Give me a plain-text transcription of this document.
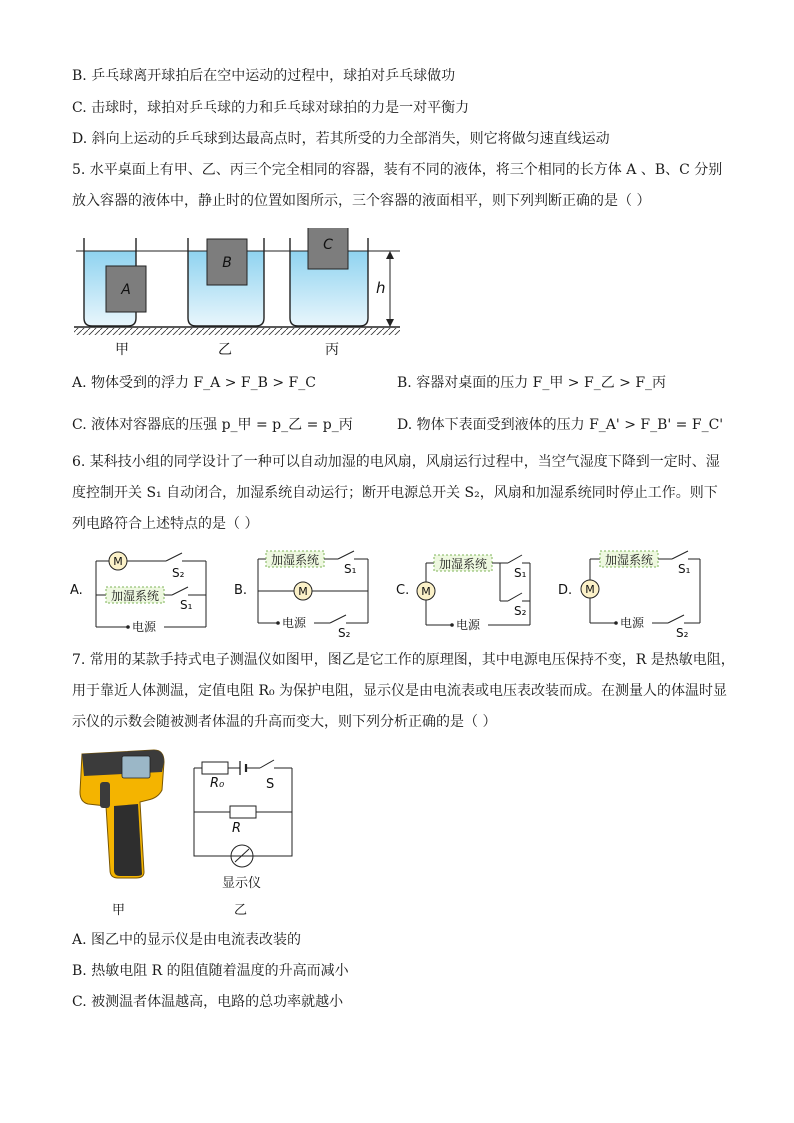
B. 乒乓球离开球拍后在空中运动的过程中，球拍对乒乓球做功
C. 击球时，球拍对乒乓球的力和乒乓球对球拍的力是一对平衡力
D. 斜向上运动的乒乓球到达最高点时，若其所受的力全部消失，则它将做匀速直线运动
5. 水平桌面上有甲、乙、丙三个完全相同的容器，装有不同的液体，将三个相同的长方体 A 、B、C 分别
放入容器的液体中，静止时的位置如图所示，三个容器的液面相平，则下列判断正确的是（ ）
A
B
C
h
甲	乙	丙
A. 物体受到的浮力 F_A > F_B > F_C	B. 容器对桌面的压力 F_甲 > F_乙 > F_丙
C. 液体对容器底的压强 p_甲 = p_乙 = p_丙	D. 物体下表面受到液体的压力 F_A' > F_B' = F_C'
6. 某科技小组的同学设计了一种可以自动加湿的电风扇，风扇运行过程中，当空气湿度下降到一定时、湿
度控制开关 S₁ 自动闭合，加湿系统自动运行；断开电源总开关 S₂，风扇和加湿系统同时停止工作。则下
列电路符合上述特点的是（ ）
A.
M
S₂
加湿系统
S₁
电源
B.
加湿系统
S₁
M
电源
S₂
C. M
加湿系统
S₁
S₂
电源
D. M
加湿系统
S₁
电源
S₂
7. 常用的某款手持式电子测温仪如图甲，图乙是它工作的原理图，其中电源电压保持不变，R 是热敏电阻，
用于靠近人体测温，定值电阻 R₀ 为保护电阻，显示仪是由电流表或电压表改装而成。在测量人的体温时显
示仪的示数会随被测者体温的升高而变大，则下列分析正确的是（ ）
R₀	S
R
显示仪
甲	乙
A. 图乙中的显示仪是由电流表改装的
B. 热敏电阻 R 的阻值随着温度的升高而减小
C. 被测温者体温越高，电路的总功率就越小
